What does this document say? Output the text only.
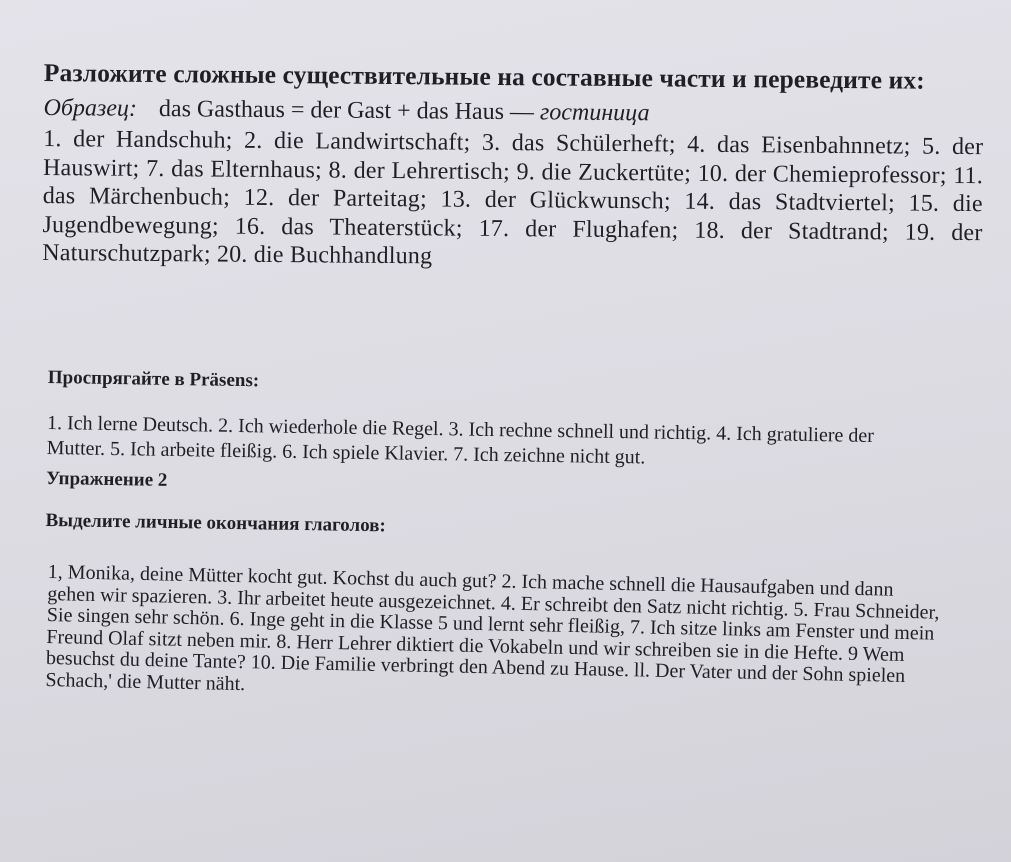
Разложите сложные существительные на составные части и переведите их:

Образец: das Gasthaus = der Gast + das Haus — гостиница
1. der Handschuh; 2. die Landwirtschaft; 3. das Schülerheft; 4. das Eisenbahnnetz; 5. der Hauswirt; 7. das Elternhaus; 8. der Lehrertisch; 9. die Zuckertüte; 10. der Chemieprofessor; 11. das Märchenbuch; 12. der Parteitag; 13. der Glückwunsch; 14. das Stadtviertel; 15. die Jugendbewegung; 16. das Theaterstück; 17. der Flughafen; 18. der Stadtrand; 19. der Naturschutzpark; 20. die Buchhandlung

Проспрягайте в Präsens:

1. Ich lerne Deutsch. 2. Ich wiederhole die Regel. 3. Ich rechne schnell und richtig. 4. Ich gratuliere der Mutter. 5. Ich arbeite fleißig. 6. Ich spiele Klavier. 7. Ich zeichne nicht gut.
Упражнение 2
Выделите личные окончания глаголов:

1, Monika, deine Mütter kocht gut. Kochst du auch gut? 2. Ich mache schnell die Hausaufgaben und dann gehen wir spazieren. 3. Ihr arbeitet heute ausgezeichnet. 4. Er schreibt den Satz nicht richtig. 5. Frau Schneider, Sie singen sehr schön. 6. Inge geht in die Klasse 5 und lernt sehr fleißig, 7. Ich sitze links am Fenster und mein Freund Olaf sitzt neben mir. 8. Herr Lehrer diktiert die Vokabeln und wir schreiben sie in die Hefte. 9 Wem besuchst du deine Tante? 10. Die Familie verbringt den Abend zu Hause. ll. Der Vater und der Sohn spielen Schach,' die Mutter näht.
